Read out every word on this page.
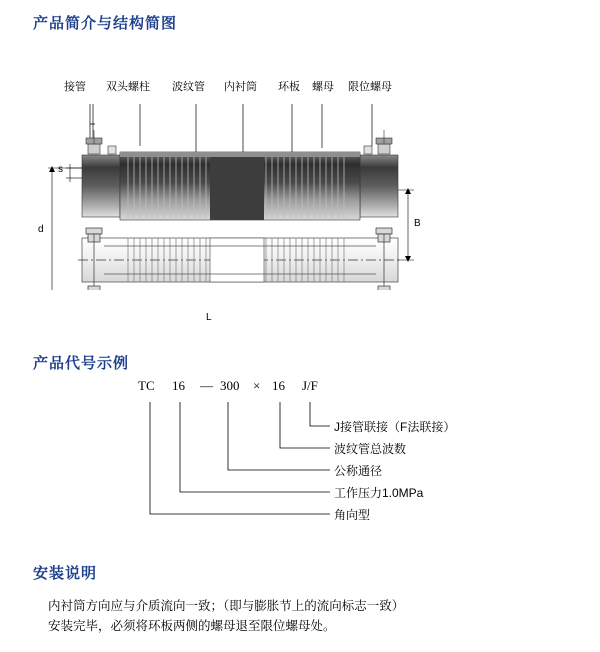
产品简介与结构简图
产品代号示例
安装说明
接管 双头螺柱 波纹管 内衬筒 环板 螺母 限位螺母
s
d
B
L
TC 16 — 300 × 16 J/F
J接管联接（F法联接）
波纹管总波数
公称通径
工作压力1.0MPa
角向型
内衬筒方向应与介质流向一致；（即与膨胀节上的流向标志一致）
安装完毕，必须将环板两侧的螺母退至限位螺母处。
